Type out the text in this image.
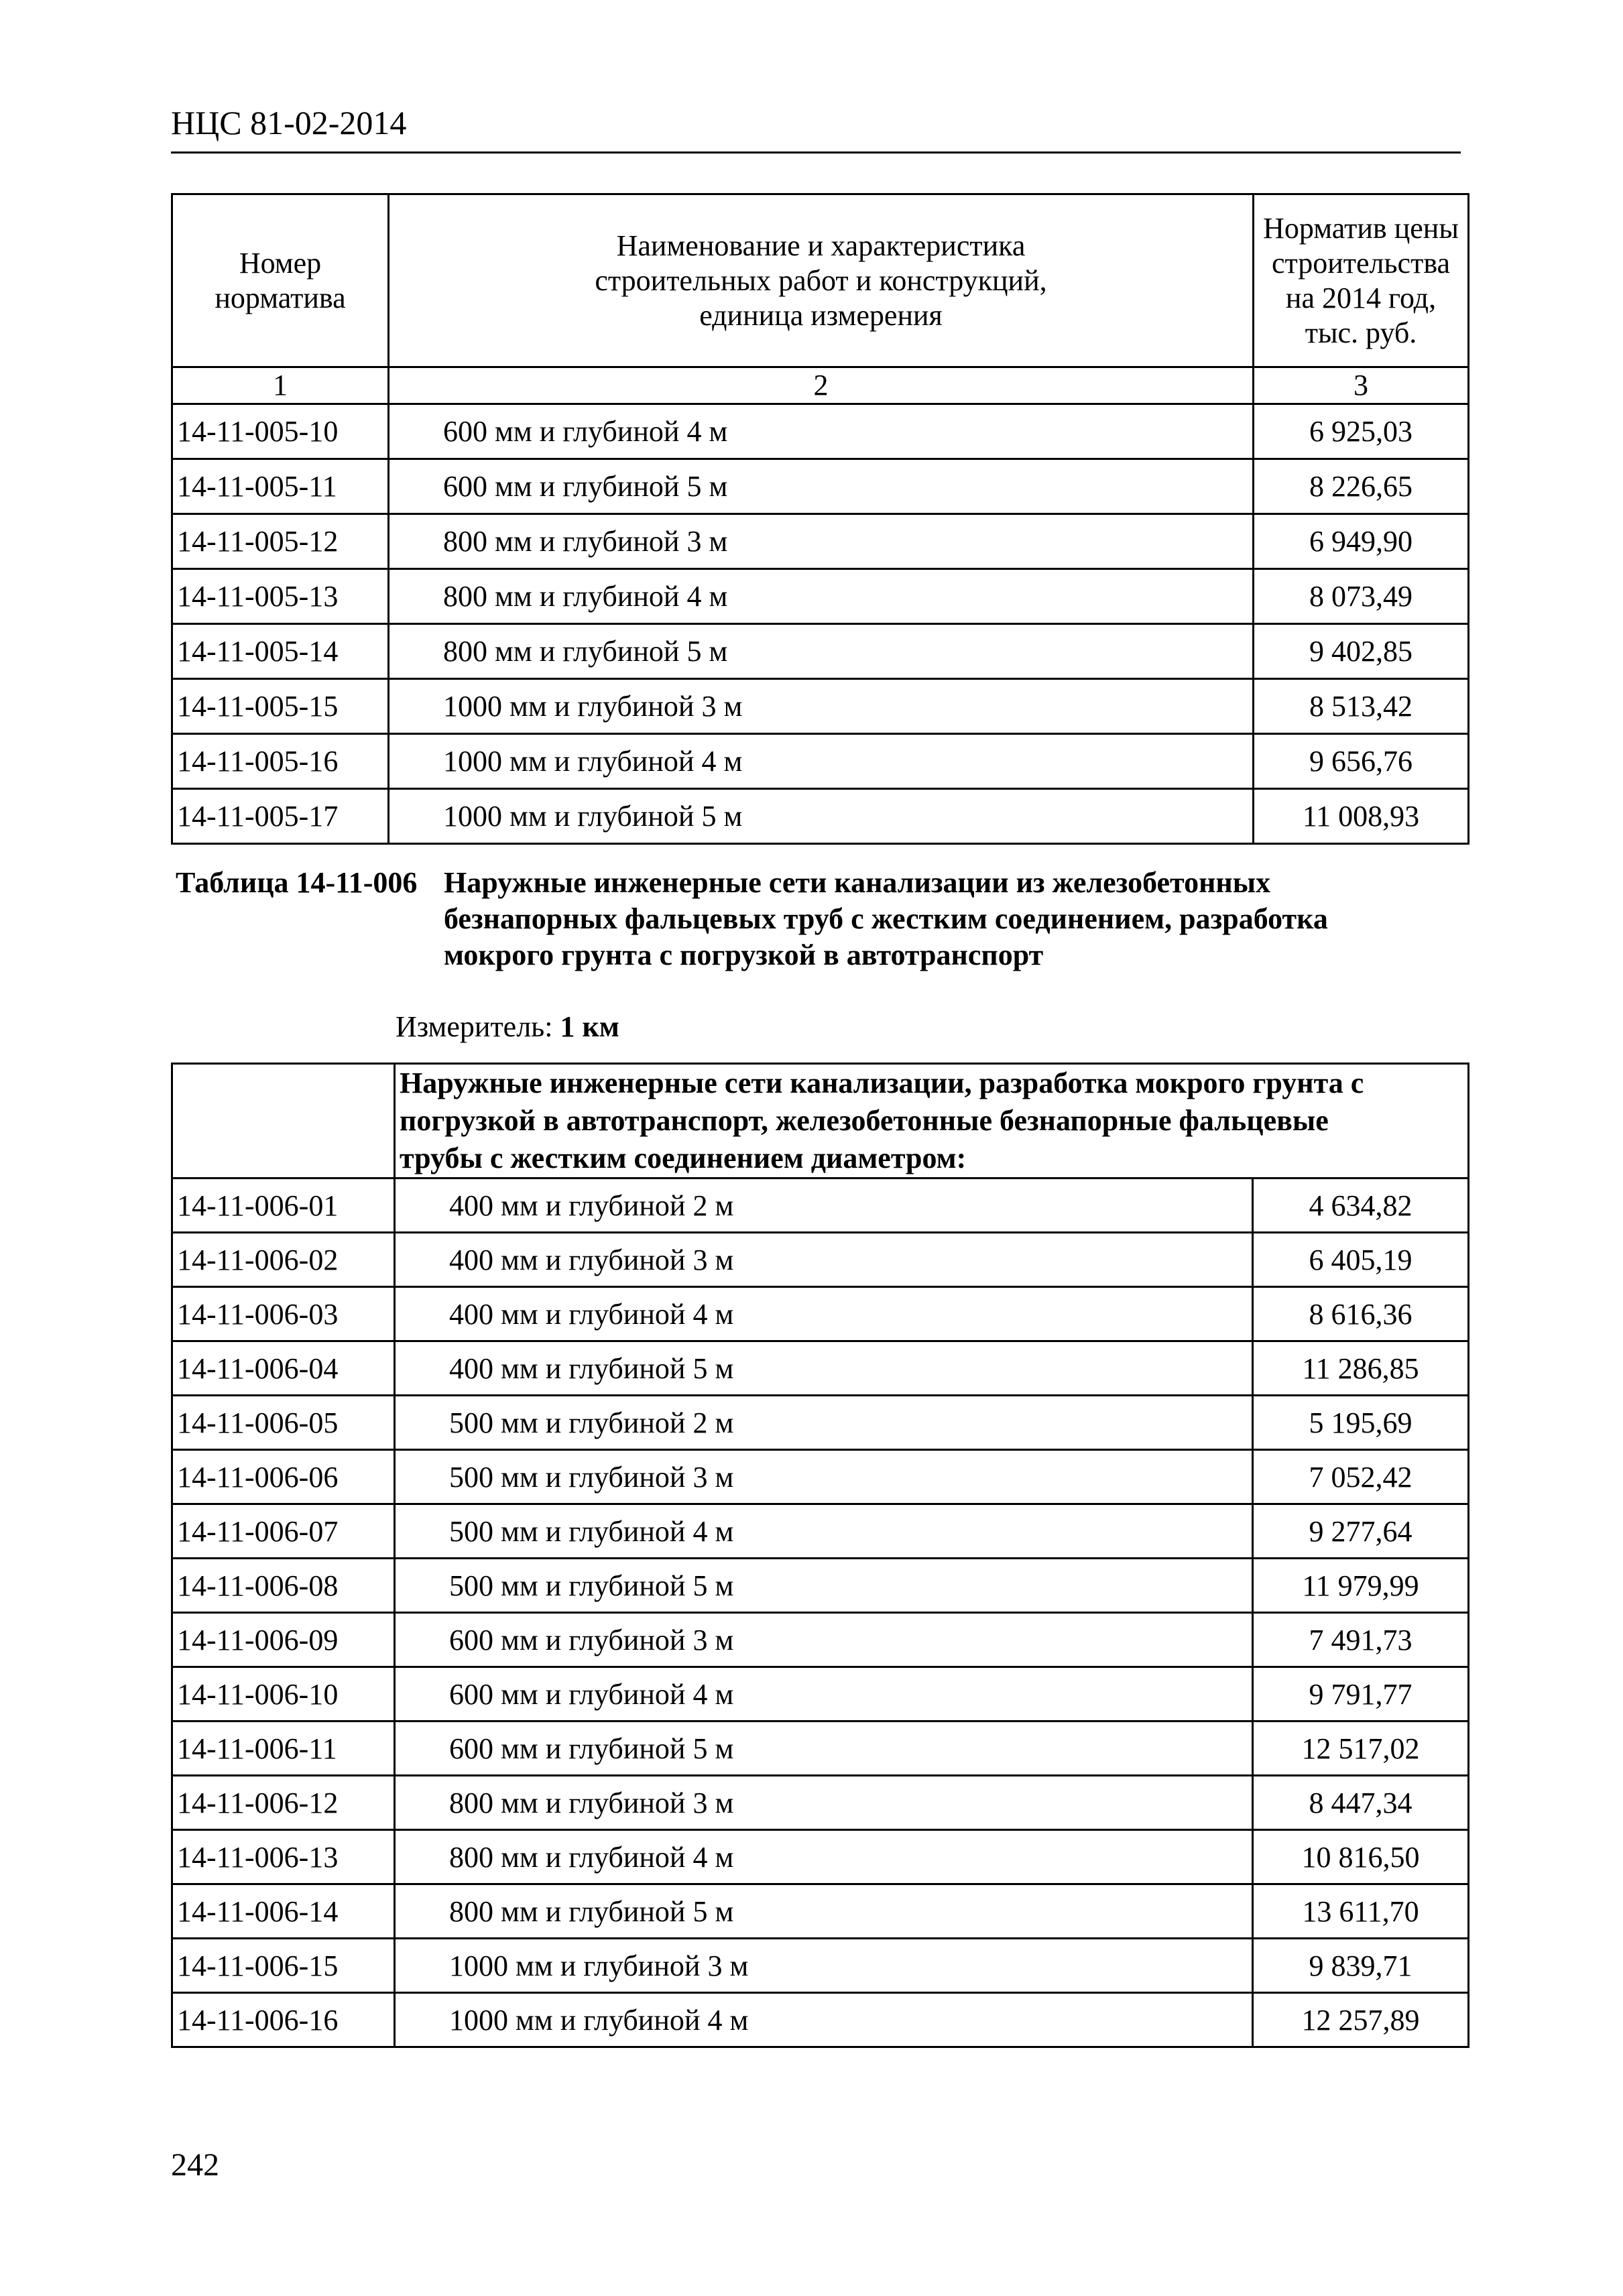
НЦС 81-02-2014
Номер норматива	Наименование и характеристика строительных работ и конструкций, единица измерения	Норматив цены строительства на 2014 год, тыс. руб.
1	2	3
14-11-005-10	600 мм и глубиной 4 м	6 925,03
14-11-005-11	600 мм и глубиной 5 м	8 226,65
14-11-005-12	800 мм и глубиной 3 м	6 949,90
14-11-005-13	800 мм и глубиной 4 м	8 073,49
14-11-005-14	800 мм и глубиной 5 м	9 402,85
14-11-005-15	1000 мм и глубиной 3 м	8 513,42
14-11-005-16	1000 мм и глубиной 4 м	9 656,76
14-11-005-17	1000 мм и глубиной 5 м	11 008,93
Таблица 14-11-006 Наружные инженерные сети канализации из железобетонных
безнапорных фальцевых труб с жестким соединением, разработка
мокрого грунта с погрузкой в автотранспорт
Измеритель: 1 км

	Наружные инженерные сети канализации, разработка мокрого грунта с
погрузкой в автотранспорт, железобетонные безнапорные фальцевые
трубы с жестким соединением диаметром:	

14-11-006-01	400 мм и глубиной 2 м	4 634,82
14-11-006-02	400 мм и глубиной 3 м	6 405,19
14-11-006-03	400 мм и глубиной 4 м	8 616,36
14-11-006-04	400 мм и глубиной 5 м	11 286,85
14-11-006-05	500 мм и глубиной 2 м	5 195,69
14-11-006-06	500 мм и глубиной 3 м	7 052,42
14-11-006-07	500 мм и глубиной 4 м	9 277,64
14-11-006-08	500 мм и глубиной 5 м	11 979,99
14-11-006-09	600 мм и глубиной 3 м	7 491,73
14-11-006-10	600 мм и глубиной 4 м	9 791,77
14-11-006-11	600 мм и глубиной 5 м	12 517,02
14-11-006-12	800 мм и глубиной 3 м	8 447,34
14-11-006-13	800 мм и глубиной 4 м	10 816,50
14-11-006-14	800 мм и глубиной 5 м	13 611,70
14-11-006-15	1000 мм и глубиной 3 м	9 839,71
14-11-006-16	1000 мм и глубиной 4 м	12 257,89
242
